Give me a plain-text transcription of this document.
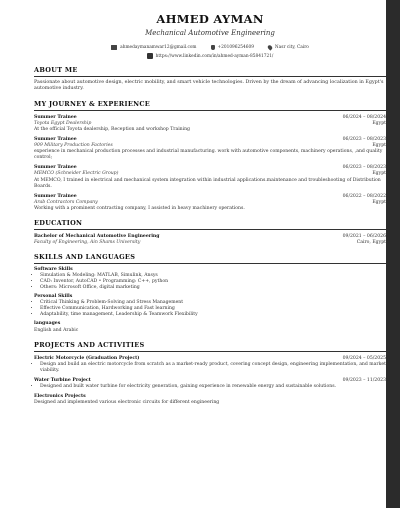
AHMED AYMAN
Mechanical Automotive Engineering
ahmedaymanamwar12@gmail.com	+201096254609	Nasr city, Cairo
https://www.linkedin.com/in/ahmed-ayman-85841721/
ABOUT ME
Passionate about automotive design, electric mobility, and smart vehicle technologies. Driven by the dream of advancing localization in Egypt's automotive industry.
MY JOURNEY & EXPERIENCE
Summer Trainee	06/2024 – 08/2024
Toyota Egypt Dealership	Egypt
At the official Toyota dealership, Reception and workshop Training
Summer Trainee	06/2023 – 08/2023
909 Military Production Factories	Egypt
experience in mechanical production processes and industrial manufacturing. work with automotive components, machinery operations, ,and quality control;
Summer Trainee	06/2023 – 08/2023
MEMCO (Schneider Electric Group)	Egypt
At MEMCO, I trained in electrical and mechanical system integration within industrial applications.maintenance and troubleshooting of Distribution Boards.
Summer Trainee	06/2022 – 08/2022
Arab Contractors Company	Egypt
Working with a prominent contracting company, I assisted in heavy machinery operations.
EDUCATION
Bachelor of Mechanical Automotive Engineering	09/2021 – 06/2026
Faculty of Engineering, Ain Shams University	Cairo, Egypt
SKILLS AND LANGUAGES
Software Skills
• Simulation & Modeling: MATLAB, Simulink, Ansys
• CAD: Inventor, AutoCAD • Programming: C++, python
• Others: Microsoft Office, digital marketing
Personal Skills
• Critical Thinking & Problem-Solving and Stress Management
• Effective Communication, Hardworking and Fast learning
• Adaptability, time management, Leadership & Teamwork Flexibility
languages
English and Arabic
PROJECTS AND ACTIVITIES
Electric Motorcycle (Graduation Project)	09/2024 – 05/2025
• Design and build an electric motorcycle from scratch as a market-ready product, covering concept design, engineering implementation, and market viability.
Water Turbine Project	09/2023 – 11/2023
• Designed and built water turbine for electricity generation, gaining experience in renewable energy and sustainable solutions.
Electronics Projects
Designed and implemented various electronic circuits for different engineering
